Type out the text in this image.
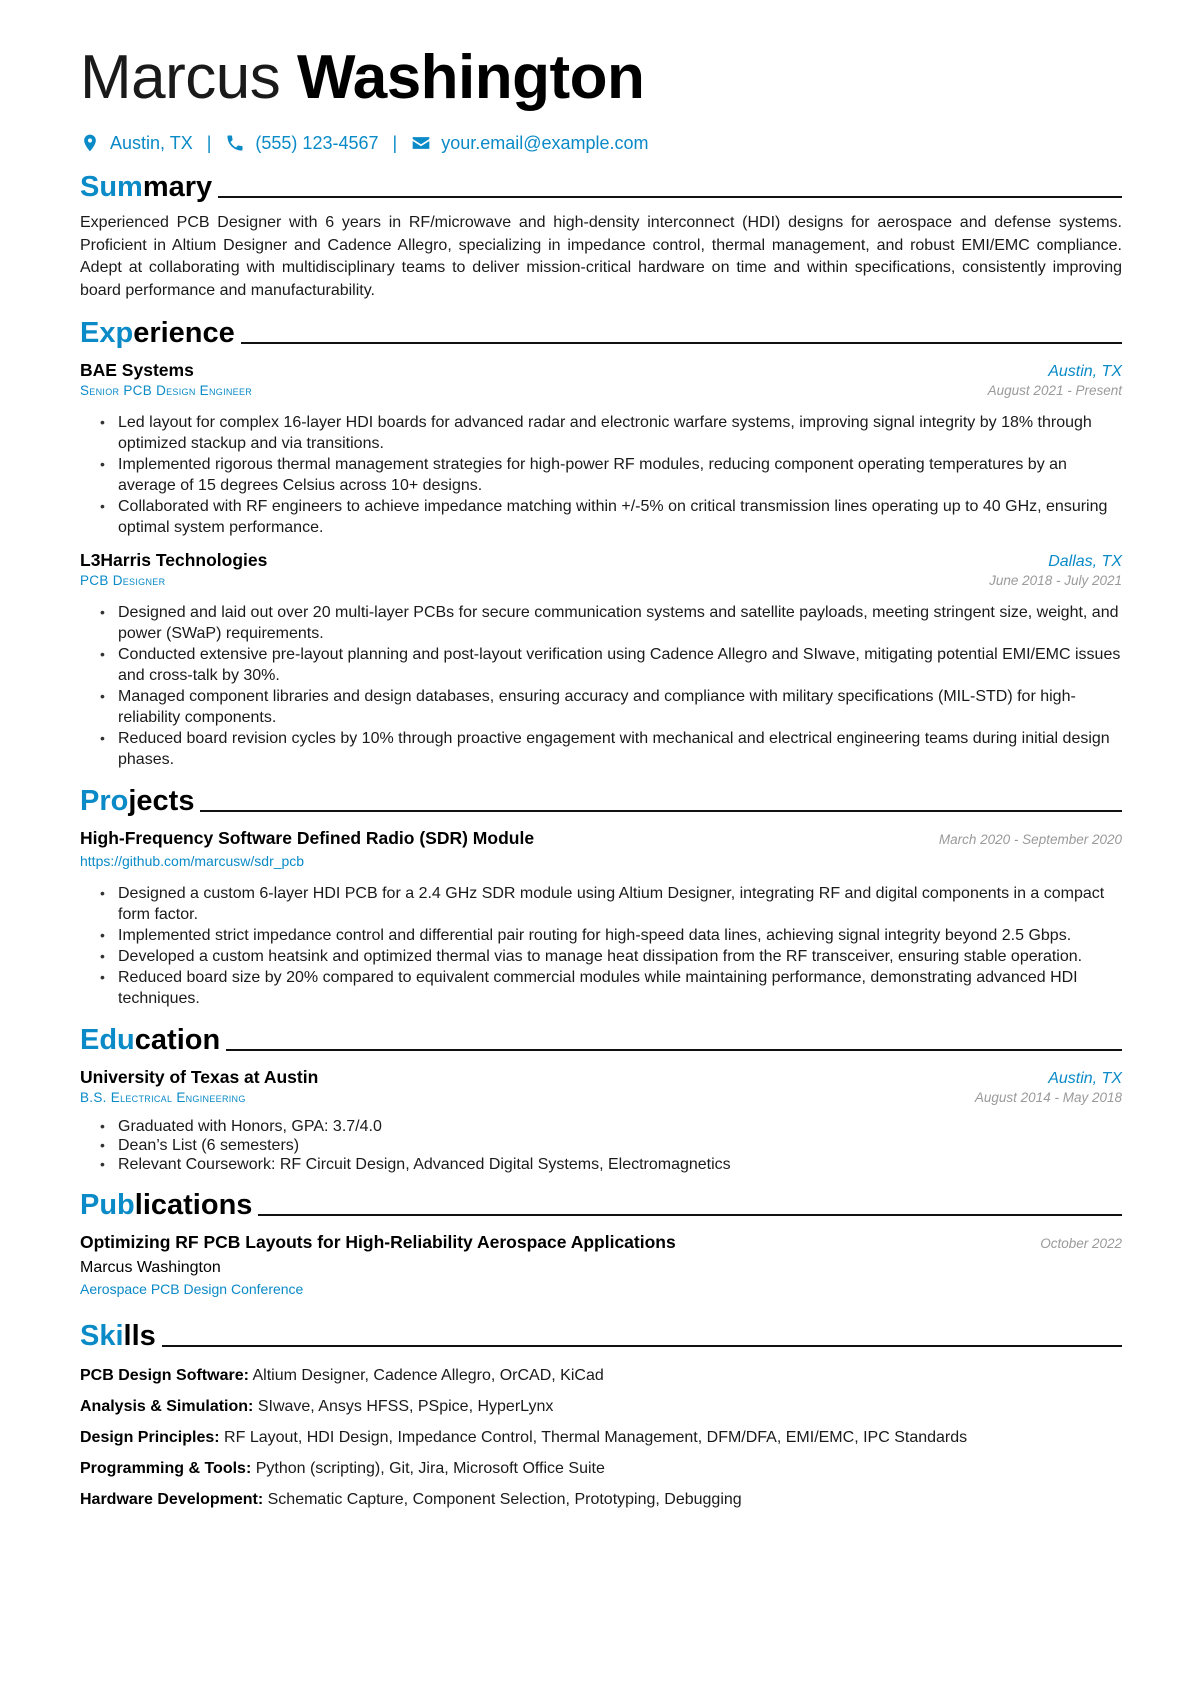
Marcus Washington
Austin, TX | (555) 123-4567 | your.email@example.com
Summary

Experienced PCB Designer with 6 years in RF/microwave and high-density interconnect (HDI) designs for aerospace and defense systems. Proficient in Altium Designer and Cadence Allegro, specializing in impedance control, thermal management, and robust EMI/EMC compliance. Adept at collaborating with multidisciplinary teams to deliver mission-critical hardware on time and within specifications, consistently improving board performance and manufacturability.

Experience
BAE Systems	Austin, TX
Senior PCB Design Engineer	August 2021 - Present
• Led layout for complex 16-layer HDI boards for advanced radar and electronic warfare systems, improving signal integrity by 18% through optimized stackup and via transitions.
• Implemented rigorous thermal management strategies for high-power RF modules, reducing component operating temperatures by an average of 15 degrees Celsius across 10+ designs.
• Collaborated with RF engineers to achieve impedance matching within +/-5% on critical transmission lines operating up to 40 GHz, ensuring optimal system performance.
L3Harris Technologies	Dallas, TX
PCB Designer	June 2018 - July 2021
• Designed and laid out over 20 multi-layer PCBs for secure communication systems and satellite payloads, meeting stringent size, weight, and power (SWaP) requirements.
• Conducted extensive pre-layout planning and post-layout verification using Cadence Allegro and SIwave, mitigating potential EMI/EMC issues and cross-talk by 30%.
• Managed component libraries and design databases, ensuring accuracy and compliance with military specifications (MIL-STD) for high-reliability components.
• Reduced board revision cycles by 10% through proactive engagement with mechanical and electrical engineering teams during initial design phases.
Projects
High-Frequency Software Defined Radio (SDR) Module	March 2020 - September 2020
https://github.com/marcusw/sdr_pcb
• Designed a custom 6-layer HDI PCB for a 2.4 GHz SDR module using Altium Designer, integrating RF and digital components in a compact form factor.
• Implemented strict impedance control and differential pair routing for high-speed data lines, achieving signal integrity beyond 2.5 Gbps.
• Developed a custom heatsink and optimized thermal vias to manage heat dissipation from the RF transceiver, ensuring stable operation.
• Reduced board size by 20% compared to equivalent commercial modules while maintaining performance, demonstrating advanced HDI techniques.
Education
University of Texas at Austin	Austin, TX
B.S. Electrical Engineering	August 2014 - May 2018
• Graduated with Honors, GPA: 3.7/4.0
• Dean’s List (6 semesters)
• Relevant Coursework: RF Circuit Design, Advanced Digital Systems, Electromagnetics
Publications
Optimizing RF PCB Layouts for High-Reliability Aerospace Applications	October 2022
Marcus Washington
Aerospace PCB Design Conference
Skills
PCB Design Software: Altium Designer, Cadence Allegro, OrCAD, KiCad
Analysis & Simulation: SIwave, Ansys HFSS, PSpice, HyperLynx
Design Principles: RF Layout, HDI Design, Impedance Control, Thermal Management, DFM/DFA, EMI/EMC, IPC Standards
Programming & Tools: Python (scripting), Git, Jira, Microsoft Office Suite
Hardware Development: Schematic Capture, Component Selection, Prototyping, Debugging
